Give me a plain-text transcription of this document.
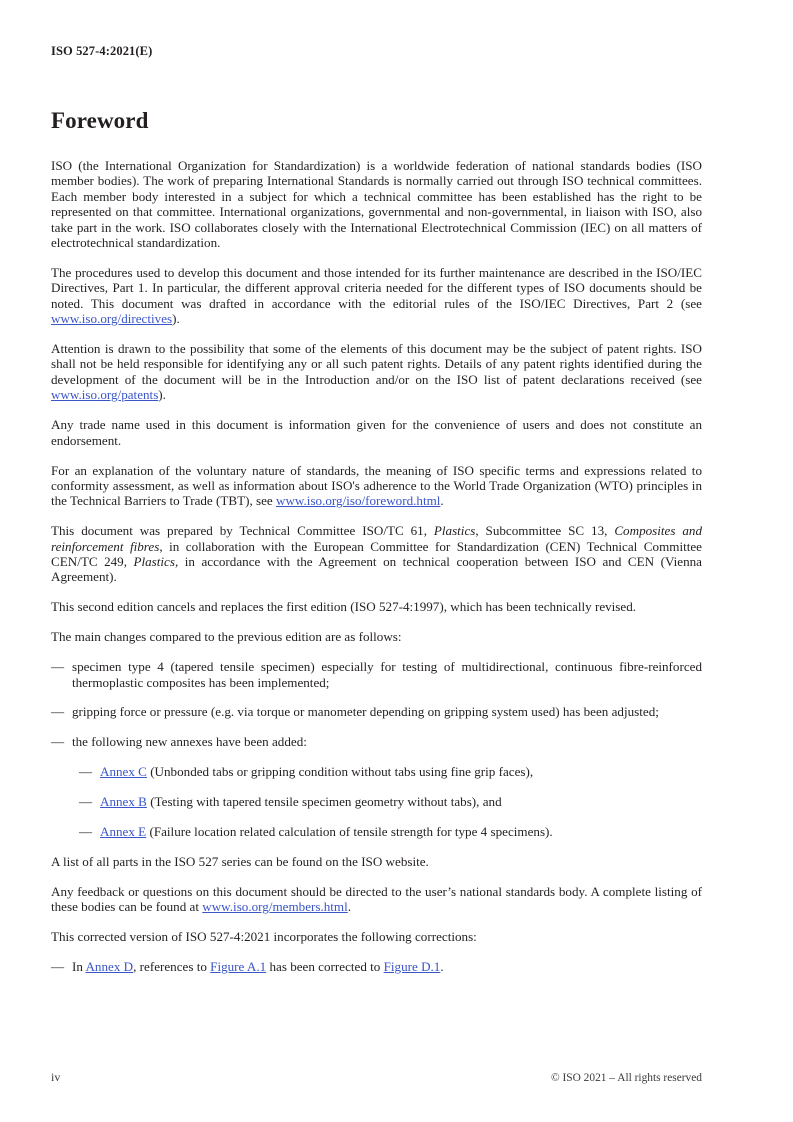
ISO 527-4:2021(E)
Foreword

ISO (the International Organization for Standardization) is a worldwide federation of national standards bodies (ISO member bodies). The work of preparing International Standards is normally carried out through ISO technical committees. Each member body interested in a subject for which a technical committee has been established has the right to be represented on that committee. International organizations, governmental and non-governmental, in liaison with ISO, also take part in the work. ISO collaborates closely with the International Electrotechnical Commission (IEC) on all matters of electrotechnical standardization.

The procedures used to develop this document and those intended for its further maintenance are described in the ISO/IEC Directives, Part 1. In particular, the different approval criteria needed for the different types of ISO documents should be noted. This document was drafted in accordance with the editorial rules of the ISO/IEC Directives, Part 2 (see www.iso.org/directives).

Attention is drawn to the possibility that some of the elements of this document may be the subject of patent rights. ISO shall not be held responsible for identifying any or all such patent rights. Details of any patent rights identified during the development of the document will be in the Introduction and/or on the ISO list of patent declarations received (see www.iso.org/patents).

Any trade name used in this document is information given for the convenience of users and does not constitute an endorsement.

For an explanation of the voluntary nature of standards, the meaning of ISO specific terms and expressions related to conformity assessment, as well as information about ISO's adherence to the World Trade Organization (WTO) principles in the Technical Barriers to Trade (TBT), see www.iso.org/iso/foreword.html.

This document was prepared by Technical Committee ISO/TC 61, Plastics, Subcommittee SC 13, Composites and reinforcement fibres, in collaboration with the European Committee for Standardization (CEN) Technical Committee CEN/TC 249, Plastics, in accordance with the Agreement on technical cooperation between ISO and CEN (Vienna Agreement).

This second edition cancels and replaces the first edition (ISO 527-4:1997), which has been technically revised.

The main changes compared to the previous edition are as follows:

— specimen type 4 (tapered tensile specimen) especially for testing of multidirectional, continuous fibre-reinforced thermoplastic composites has been implemented;
— gripping force or pressure (e.g. via torque or manometer depending on gripping system used) has been adjusted;
— the following new annexes have been added:
— Annex C (Unbonded tabs or gripping condition without tabs using fine grip faces),
— Annex B (Testing with tapered tensile specimen geometry without tabs), and
— Annex E (Failure location related calculation of tensile strength for type 4 specimens).

A list of all parts in the ISO 527 series can be found on the ISO website.

Any feedback or questions on this document should be directed to the user’s national standards body. A complete listing of these bodies can be found at www.iso.org/members.html.

This corrected version of ISO 527-4:2021 incorporates the following corrections:

— In Annex D, references to Figure A.1 has been corrected to Figure D.1.
iv	© ISO 2021 – All rights reserved
